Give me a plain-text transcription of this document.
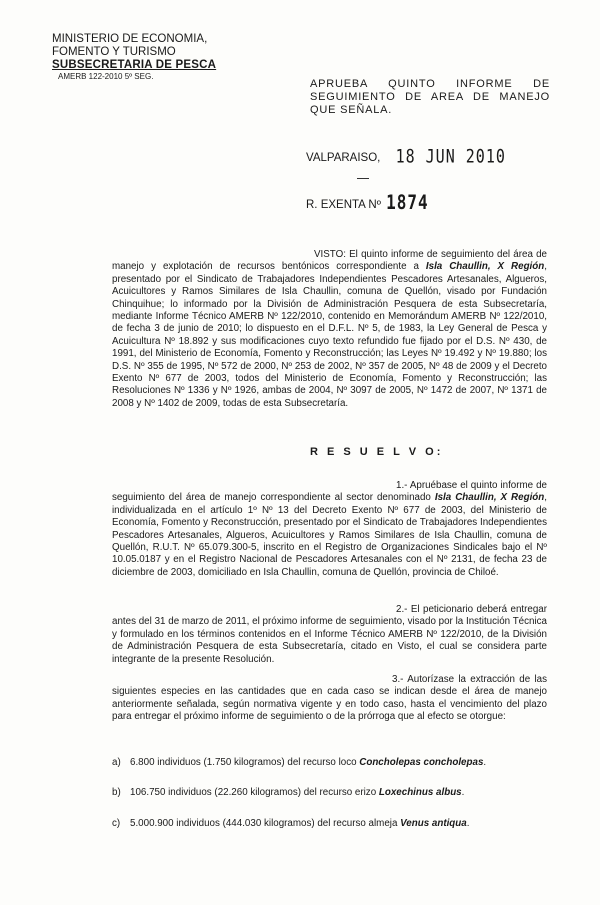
MINISTERIO DE ECONOMIA,
FOMENTO Y TURISMO
SUBSECRETARIA DE PESCA
AMERB 122-2010 5º SEG.
APRUEBA QUINTO INFORME DE SEGUIMIENTO DE AREA DE MANEJO QUE SEÑALA.
VALPARAISO, 18 JUN 2010
R. EXENTA Nº 1874

VISTO: El quinto informe de seguimiento del área de manejo y explotación de recursos bentónicos correspondiente a Isla Chaullin, X Región, presentado por el Sindicato de Trabajadores Independientes Pescadores Artesanales, Algueros, Acuicultores y Ramos Similares de Isla Chaullin, comuna de Quellón, visado por Fundación Chinquihue; lo informado por la División de Administración Pesquera de esta Subsecretaría, mediante Informe Técnico AMERB Nº 122/2010, contenido en Memorándum AMERB Nº 122/2010, de fecha 3 de junio de 2010; lo dispuesto en el D.F.L. Nº 5, de 1983, la Ley General de Pesca y Acuicultura Nº 18.892 y sus modificaciones cuyo texto refundido fue fijado por el D.S. Nº 430, de 1991, del Ministerio de Economía, Fomento y Reconstrucción; las Leyes Nº 19.492 y Nº 19.880; los D.S. Nº 355 de 1995, Nº 572 de 2000, Nº 253 de 2002, Nº 357 de 2005, Nº 48 de 2009 y el Decreto Exento Nº 677 de 2003, todos del Ministerio de Economía, Fomento y Reconstrucción; las Resoluciones Nº 1336 y Nº 1926, ambas de 2004, Nº 3097 de 2005, Nº 1472 de 2007, Nº 1371 de 2008 y Nº 1402 de 2009, todas de esta Subsecretaría.

R E S U E L V O:

1.- Apruébase el quinto informe de seguimiento del área de manejo correspondiente al sector denominado Isla Chaullin, X Región, individualizada en el artículo 1º Nº 13 del Decreto Exento Nº 677 de 2003, del Ministerio de Economía, Fomento y Reconstrucción, presentado por el Sindicato de Trabajadores Independientes Pescadores Artesanales, Algueros, Acuicultores y Ramos Similares de Isla Chaullin, comuna de Quellón, R.U.T. Nº 65.079.300-5, inscrito en el Registro de Organizaciones Sindicales bajo el Nº 10.05.0187 y en el Registro Nacional de Pescadores Artesanales con el Nº 2131, de fecha 23 de diciembre de 2003, domiciliado en Isla Chaullin, comuna de Quellón, provincia de Chiloé.

2.- El peticionario deberá entregar antes del 31 de marzo de 2011, el próximo informe de seguimiento, visado por la Institución Técnica y formulado en los términos contenidos en el Informe Técnico AMERB Nº 122/2010, de la División de Administración Pesquera de esta Subsecretaría, citado en Visto, el cual se considera parte integrante de la presente Resolución.

3.- Autorízase la extracción de las siguientes especies en las cantidades que en cada caso se indican desde el área de manejo anteriormente señalada, según normativa vigente y en todo caso, hasta el vencimiento del plazo para entregar el próximo informe de seguimiento o de la prórroga que al efecto se otorgue:

a) 6.800 individuos (1.750 kilogramos) del recurso loco Concholepas concholepas.
b) 106.750 individuos (22.260 kilogramos) del recurso erizo Loxechinus albus.
c) 5.000.900 individuos (444.030 kilogramos) del recurso almeja Venus antiqua.
